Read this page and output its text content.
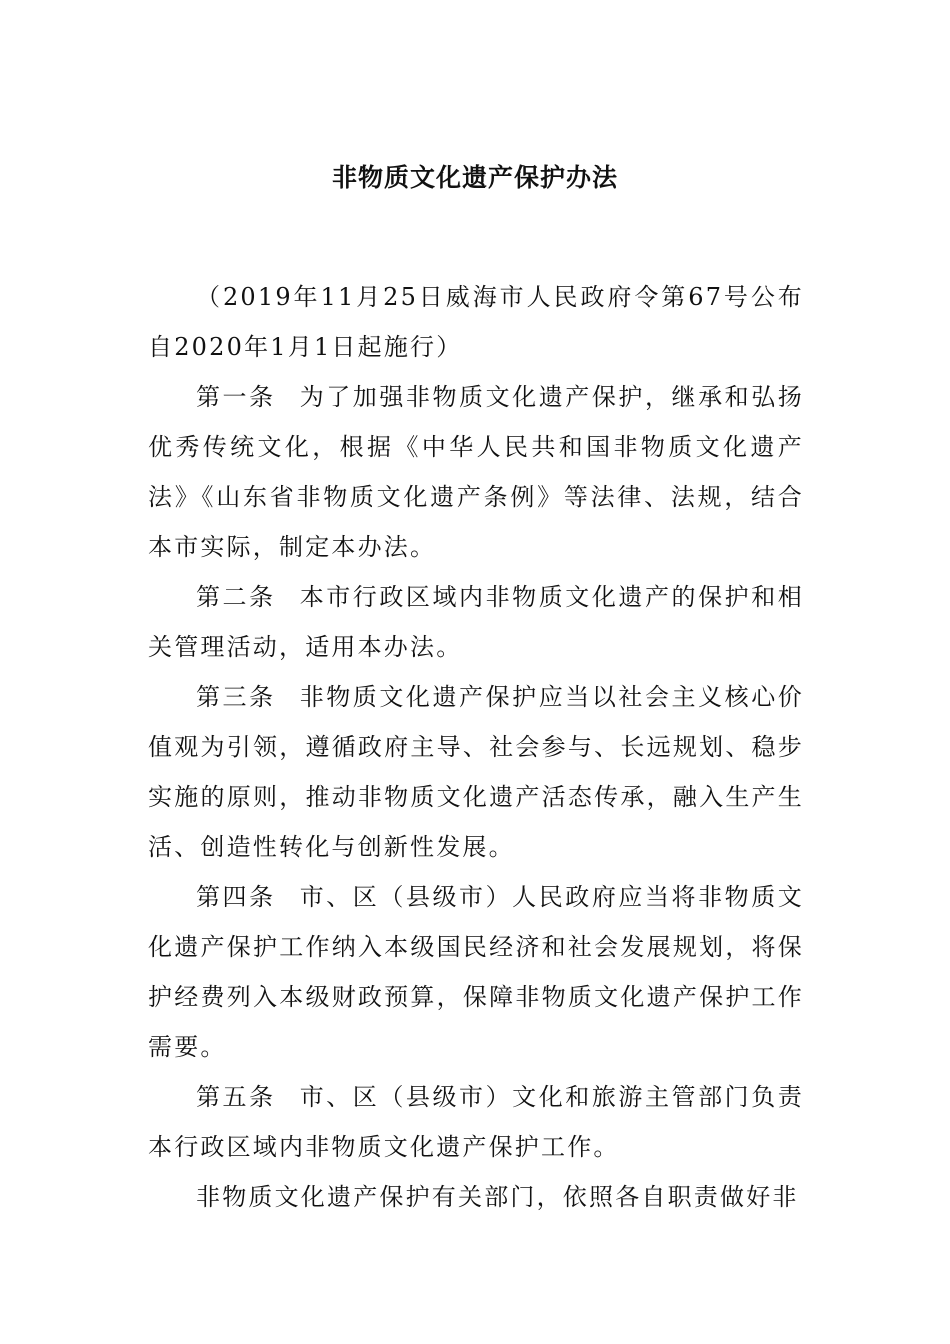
非物质文化遗产保护办法

（2019年11月25日威海市人民政府令第67号公布自2020年1月1日起施行）

第一条 为了加强非物质文化遗产保护，继承和弘扬优秀传统文化，根据《中华人民共和国非物质文化遗产法》《山东省非物质文化遗产条例》等法律、法规，结合本市实际，制定本办法。

第二条 本市行政区域内非物质文化遗产的保护和相关管理活动，适用本办法。

第三条 非物质文化遗产保护应当以社会主义核心价值观为引领，遵循政府主导、社会参与、长远规划、稳步实施的原则，推动非物质文化遗产活态传承，融入生产生活、创造性转化与创新性发展。

第四条 市、区（县级市）人民政府应当将非物质文化遗产保护工作纳入本级国民经济和社会发展规划，将保护经费列入本级财政预算，保障非物质文化遗产保护工作需要。

第五条 市、区（县级市）文化和旅游主管部门负责本行政区域内非物质文化遗产保护工作。

非物质文化遗产保护有关部门，依照各自职责做好非
